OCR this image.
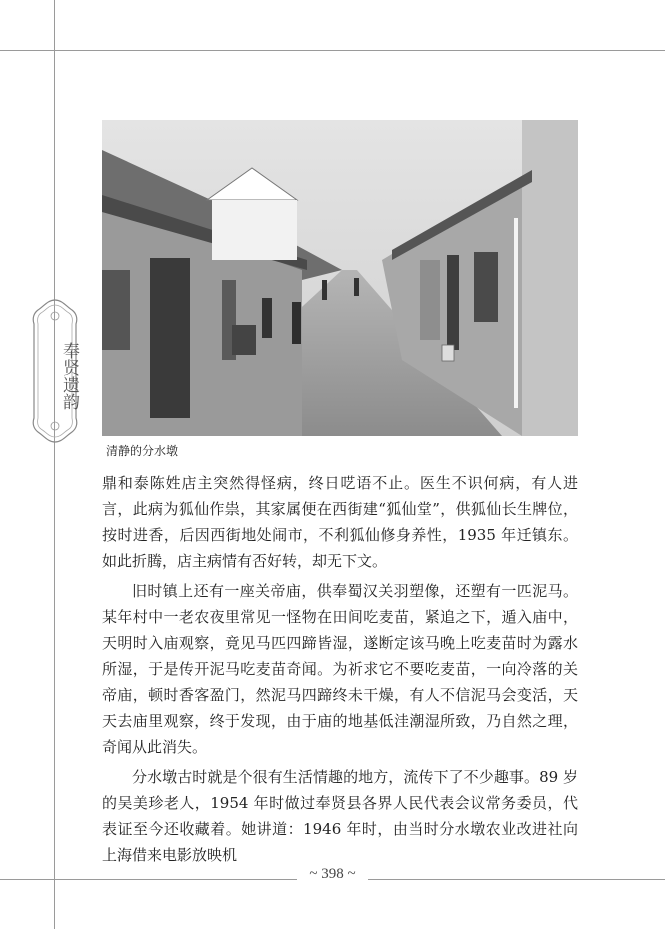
奉贤遗韵
清静的分水墩

鼎和泰陈姓店主突然得怪病，终日呓语不止。医生不识何病，有人进言，此病为狐仙作祟，其家属便在西街建“狐仙堂”，供狐仙长生牌位，按时进香，后因西街地处闹市，不利狐仙修身养性，1935 年迁镇东。如此折腾，店主病情有否好转，却无下文。

旧时镇上还有一座关帝庙，供奉蜀汉关羽塑像，还塑有一匹泥马。某年村中一老农夜里常见一怪物在田间吃麦苗，紧追之下，遁入庙中，天明时入庙观察，竟见马匹四蹄皆湿，遂断定该马晚上吃麦苗时为露水所湿，于是传开泥马吃麦苗奇闻。为祈求它不要吃麦苗，一向冷落的关帝庙，顿时香客盈门，然泥马四蹄终未干燥，有人不信泥马会变活，天天去庙里观察，终于发现，由于庙的地基低洼潮湿所致，乃自然之理，奇闻从此消失。

分水墩古时就是个很有生活情趣的地方，流传下了不少趣事。89 岁的吴美珍老人，1954 年时做过奉贤县各界人民代表会议常务委员，代表证至今还收藏着。她讲道：1946 年时，由当时分水墩农业改进社向上海借来电影放映机

~ 398 ~
